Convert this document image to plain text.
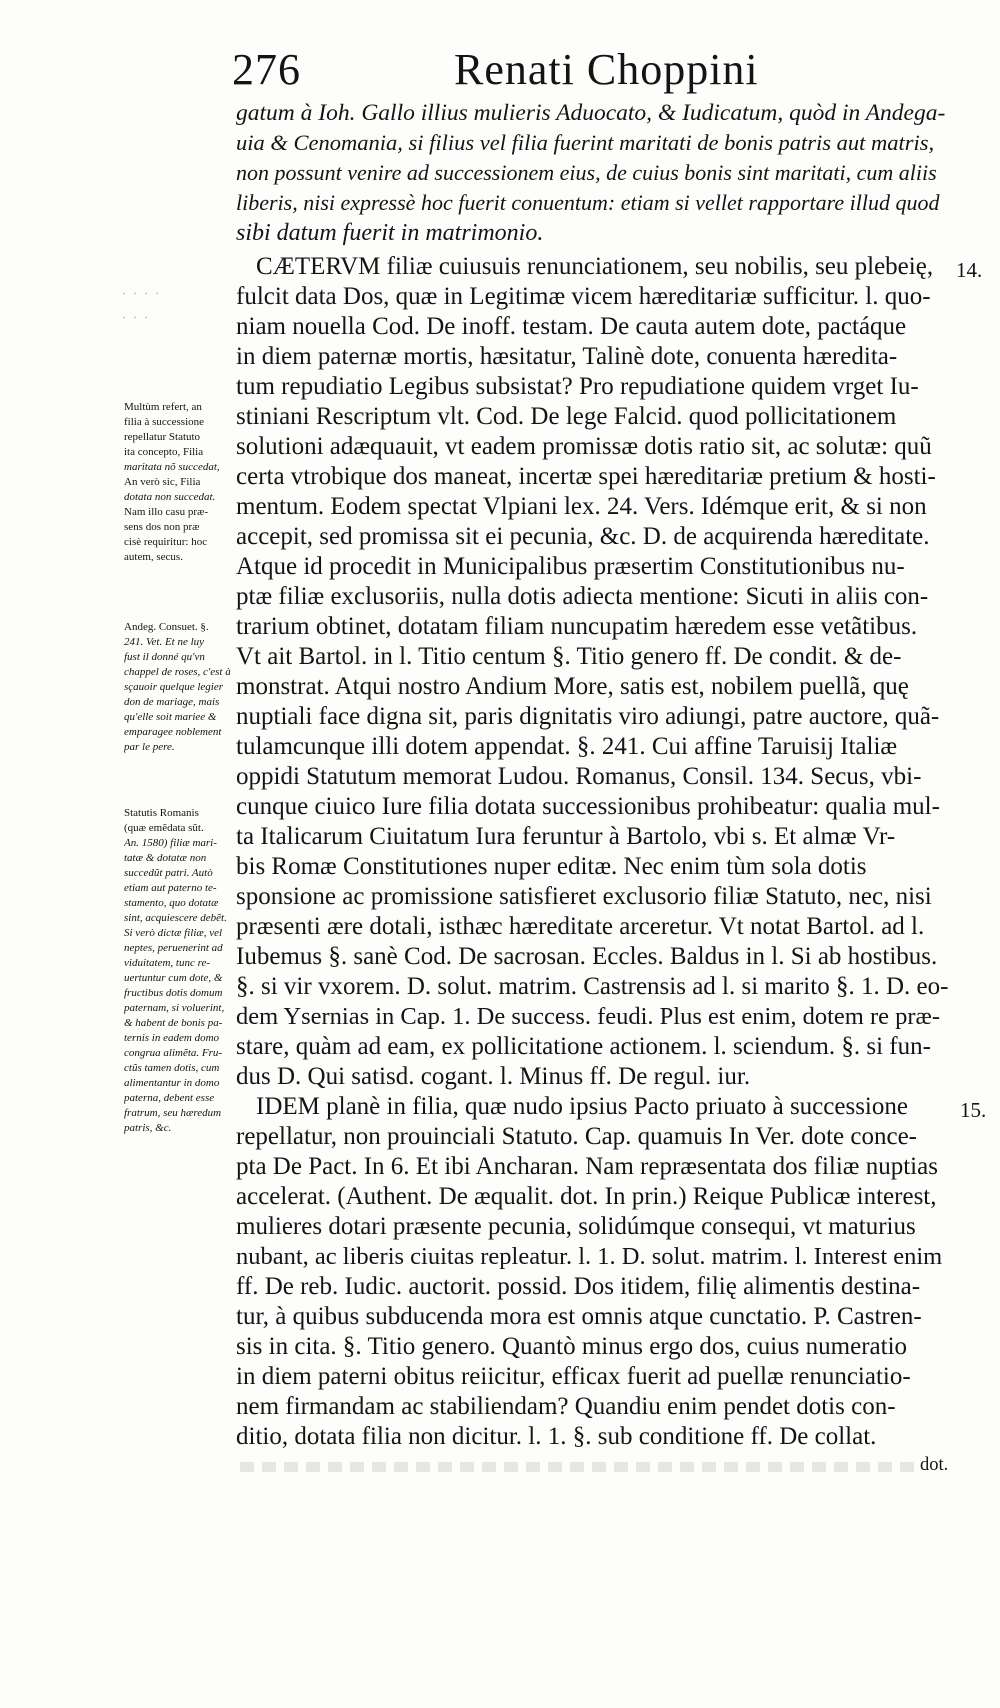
276	Renati Choppini
gatum à Ioh. Gallo illius mulieris Aduocato, & Iudicatum, quòd in Andega-
uia & Cenomania, si filius vel filia fuerint maritati de bonis patris aut matris,
non possunt venire ad successionem eius, de cuius bonis sint maritati, cum aliis
liberis, nisi expressè hoc fuerit conuentum: etiam si vellet rapportare illud quod
sibi datum fuerit in matrimonio.
CÆTERVM filiæ cuiusuis renunciationem, seu nobilis, seu plebeię,
fulcit data Dos, quæ in Legitimæ vicem hæreditariæ sufficitur. l. quo-
niam nouella Cod. De inoff. testam. De cauta autem dote, pactáque
in diem paternæ mortis, hæsitatur, Talinè dote, conuenta hæredita-
tum repudiatio Legibus subsistat? Pro repudiatione quidem vrget Iu-
stiniani Rescriptum vlt. Cod. De lege Falcid. quod pollicitationem
solutioni adæquauit, vt eadem promissæ dotis ratio sit, ac solutæ: quũ
certa vtrobique dos maneat, incertæ spei hæreditariæ pretium & hosti-
mentum. Eodem spectat Vlpiani lex. 24. Vers. Idémque erit, & si non
accepit, sed promissa sit ei pecunia, &c. D. de acquirenda hæreditate.
Atque id procedit in Municipalibus præsertim Constitutionibus nu-
ptæ filiæ exclusoriis, nulla dotis adiecta mentione: Sicuti in aliis con-
trarium obtinet, dotatam filiam nuncupatim hæredem esse vetãtibus.
Vt ait Bartol. in l. Titio centum §. Titio genero ff. De condit. & de-
monstrat. Atqui nostro Andium More, satis est, nobilem puellã, quę
nuptiali face digna sit, paris dignitatis viro adiungi, patre auctore, quã-
tulamcunque illi dotem appendat. §. 241. Cui affine Taruisij Italiæ
oppidi Statutum memorat Ludou. Romanus, Consil. 134. Secus, vbi-
cunque ciuico Iure filia dotata successionibus prohibeatur: qualia mul-
ta Italicarum Ciuitatum Iura feruntur à Bartolo, vbi s. Et almæ Vr-
bis Romæ Constitutiones nuper editæ. Nec enim tùm sola dotis
sponsione ac promissione satisfieret exclusorio filiæ Statuto, nec, nisi
præsenti ære dotali, isthæc hæreditate arceretur. Vt notat Bartol. ad l.
Iubemus §. sanè Cod. De sacrosan. Eccles. Baldus in l. Si ab hostibus.
§. si vir vxorem. D. solut. matrim. Castrensis ad l. si marito §. 1. D. eo-
dem Ysernias in Cap. 1. De success. feudi. Plus est enim, dotem re præ-
stare, quàm ad eam, ex pollicitatione actionem. l. sciendum. §. si fun-
dus D. Qui satisd. cogant. l. Minus ff. De regul. iur.
IDEM planè in filia, quæ nudo ipsius Pacto priuato à successione
repellatur, non prouinciali Statuto. Cap. quamuis In Ver. dote conce-
pta De Pact. In 6. Et ibi Ancharan. Nam repræsentata dos filiæ nuptias
accelerat. (Authent. De æqualit. dot. In prin.) Reique Publicæ interest,
mulieres dotari præsente pecunia, solidúmque consequi, vt maturius
nubant, ac liberis ciuitas repleatur. l. 1. D. solut. matrim. l. Interest enim
ff. De reb. Iudic. auctorit. possid. Dos itidem, filię alimentis destina-
tur, à quibus subducenda mora est omnis atque cunctatio. P. Castren-
sis in cita. §. Titio genero. Quantò minus ergo dos, cuius numeratio
in diem paterni obitus reiicitur, efficax fuerit ad puellæ renunciatio-
nem firmandam ac stabiliendam? Quandiu enim pendet dotis con-
ditio, dotata filia non dicitur. l. 1. §. sub conditione ff. De collat.
dot.
14.
15.
· · · ·
· · ·
Multùm refert, an
filia à successione
repellatur Statuto
ita concepto, Filia
maritata nõ succedat,
An verò sic, Filia
dotata non succedat.
Nam illo casu præ-
sens dos non præ
cisè requiritur: hoc
autem, secus.
Andeg. Consuet. §.
241. Vet. Et ne luy
fust il donné qu'vn
chappel de roses, c'est à
sçauoir quelque legier
don de mariage, mais
qu'elle soit mariee &
emparagee noblement
par le pere.
Statutis Romanis
(quæ emẽdata sũt.
An. 1580) filiæ mari-
tatæ & dotatæ non
succedũt patri. Autò
etiam aut paterno te-
stamento, quo dotatæ
sint, acquiescere debẽt.
Si verò dictæ filiæ, vel
neptes, peruenerint ad
viduitatem, tunc re-
uertuntur cum dote, &
fructibus dotis domum
paternam, si voluerint,
& habent de bonis pa-
ternis in eadem domo
congrua alimẽta. Fru-
ctũs tamen dotis, cum
alimentantur in domo
paterna, debent esse
fratrum, seu hæredum
patris, &c.
